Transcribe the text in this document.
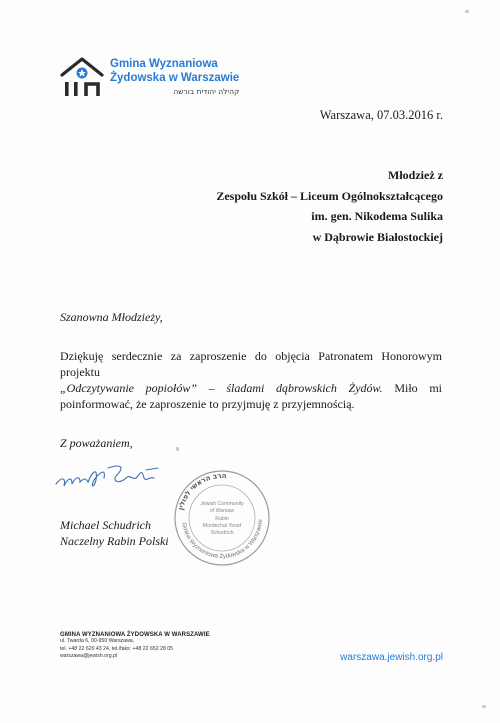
Gmina Wyznaniowa
Żydowska w Warszawie
קהילה יהודית בורשה
Warszawa, 07.03.2016 r.
Młodzież z
Zespołu Szkół – Liceum Ogólnokształcącego
im. gen. Nikodema Sulika
w Dąbrowie Białostockiej
Szanowna Młodzieży,
Dziękuję serdecznie za zaproszenie do objęcia Patronatem Honorowym projektu
„Odczytywanie popiołów” – śladami dąbrowskich Żydów. Miło mi
poinformować, że zaproszenie to przyjmuję z przyjemnością.
Z poważaniem,
Michael Schudrich
Naczelny Rabin Polski
הרב הראשי לפולין
Gmina Wyznaniowa Żydowska w Warszawie
Jewish Community
of Warsaw
Rabin
Mordechai Yosef
Schudrich
GMINA WYZNANIOWA ŻYDOWSKA W WARSZAWIE
ul. Twarda 6, 00-950 Warszawa,
tel. +48 22 620 43 24, tel./faks: +48 22 652 28 05
warszawa@jewish.org.pl	warszawa.jewish.org.pl
